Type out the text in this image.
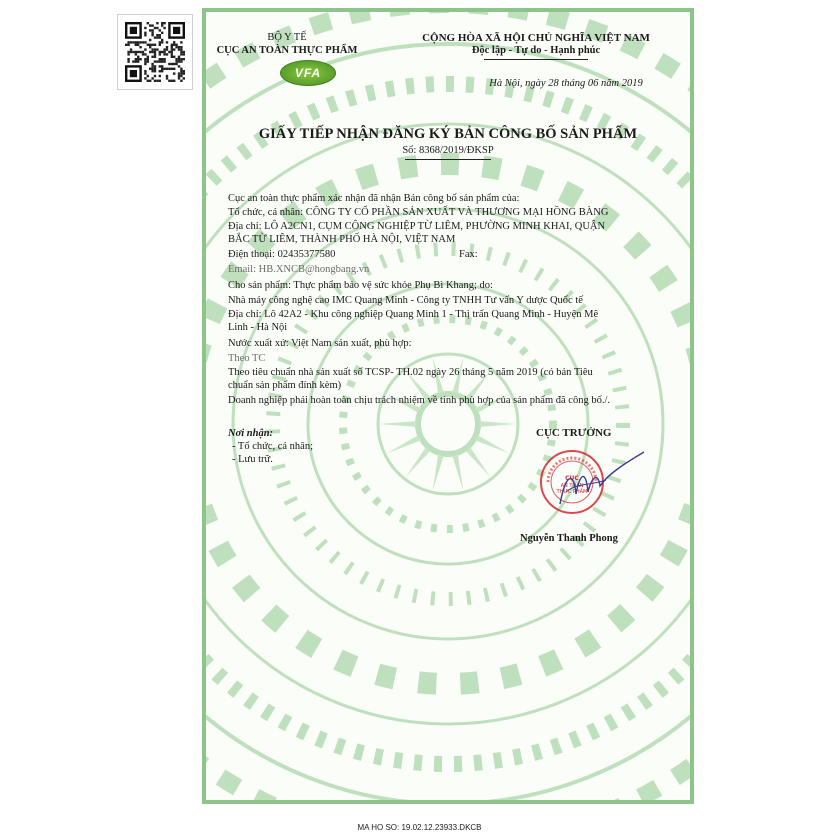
BỘ Y TẾ
CỤC AN TOÀN THỰC PHẨM
VFA
CỘNG HÒA XÃ HỘI CHỦ NGHĨA VIỆT NAM
Độc lập - Tự do - Hạnh phúc
Hà Nội, ngày 28 tháng 06 năm 2019
GIẤY TIẾP NHẬN ĐĂNG KÝ BẢN CÔNG BỐ SẢN PHẨM
Số: 8368/2019/ĐKSP
Cục an toàn thực phẩm xác nhận đã nhận Bản công bố sản phẩm của:
Tổ chức, cá nhân: CÔNG TY CỔ PHẦN SẢN XUẤT VÀ THƯƠNG MẠI HỒNG BÀNG
Địa chỉ: LÔ A2CN1, CỤM CÔNG NGHIỆP TỪ LIÊM, PHƯỜNG MINH KHAI, QUẬN
BẮC TỪ LIÊM, THÀNH PHỐ HÀ NỘI, VIỆT NAM
Điện thoại: 02435377580	Fax:
Email: HB.XNCB@hongbang.vn
Cho sản phẩm: Thực phẩm bảo vệ sức khỏe Phụ Bì Khang; do:
Nhà máy công nghệ cao IMC Quang Minh - Công ty TNHH Tư vấn Y dược Quốc tế
Địa chỉ: Lô 42A2 - Khu công nghiệp Quang Minh 1 - Thị trấn Quang Minh - Huyện Mê
Linh - Hà Nội
Nước xuất xứ: Việt Nam sản xuất, phù hợp:
Theo TC
Theo tiêu chuẩn nhà sản xuất số TCSP- TH.02 ngày 26 tháng 5 năm 2019 (có bản Tiêu
chuẩn sản phẩm đính kèm)
Doanh nghiệp phải hoàn toàn chịu trách nhiệm về tính phù hợp của sản phẩm đã công bố./.
Nơi nhận:
- Tổ chức, cá nhân;
- Lưu trữ.
CỤC TRƯỞNG
CỤC
AN TOÀN
THỰC PHẨM
Nguyễn Thanh Phong
MA HO SO: 19.02.12.23933.DKCB
